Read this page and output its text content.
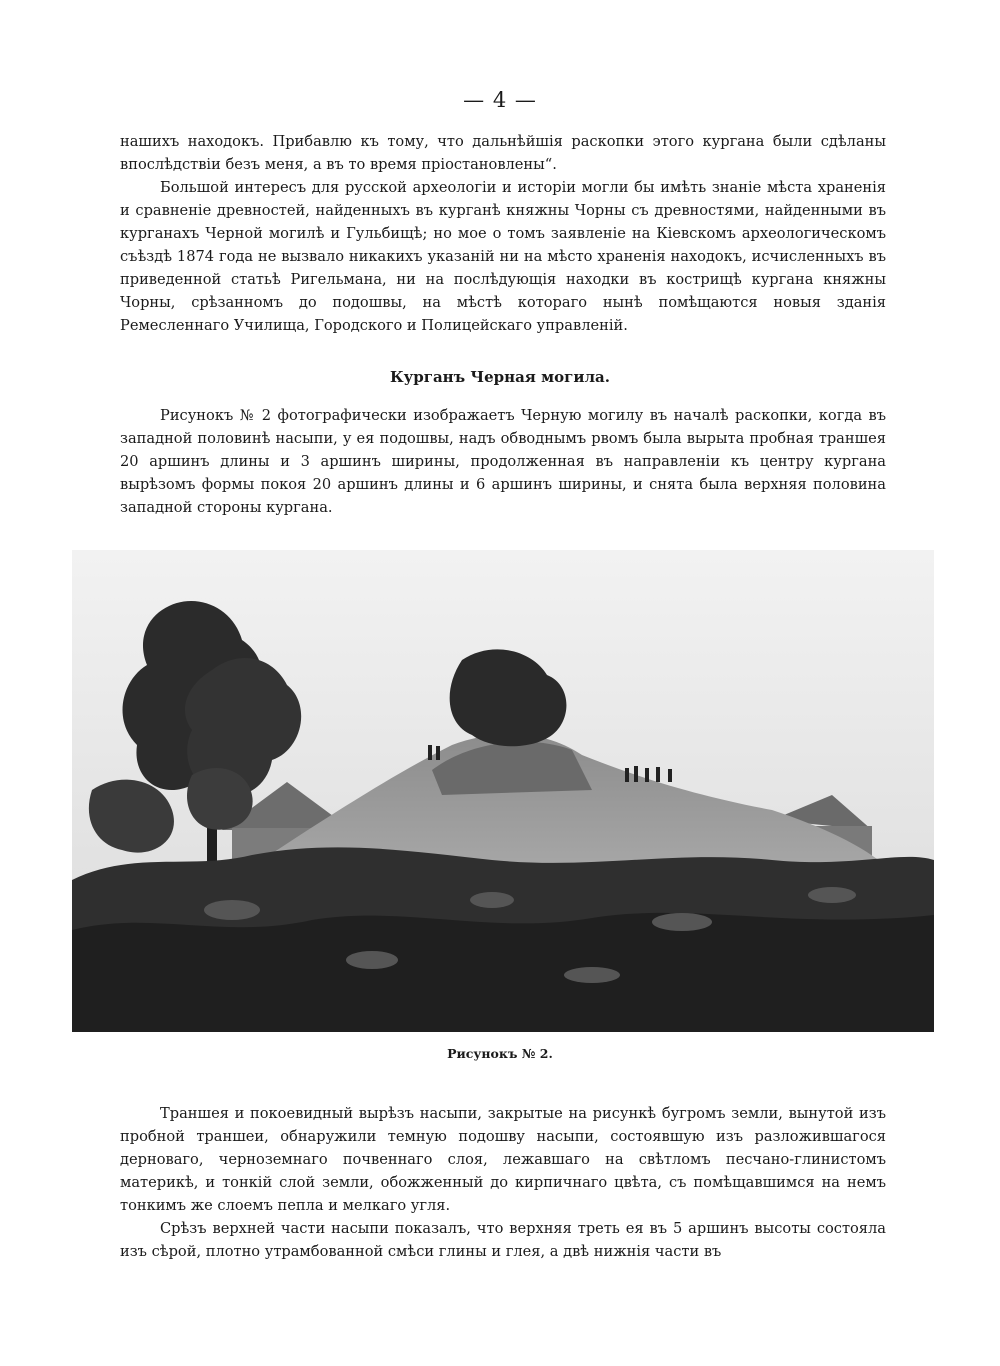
— 4 —

нашихъ находокъ. Прибавлю къ тому, что дальнѣйшія раскопки этого кургана были сдѣланы впослѣдствіи безъ меня, а въ то время пріостановлены“.

Большой интересъ для русской археологіи и исторіи могли бы имѣть знаніе мѣста храненія и сравненіе древностей, найденныхъ въ курганѣ княжны Чорны съ древностями, найденными въ курганахъ Черной могилѣ и Гульбищѣ; но мое о томъ заявленіе на Кіевскомъ археологическомъ съѣздѣ 1874 года не вызвало никакихъ указаній ни на мѣсто храненія находокъ, исчисленныхъ въ приведенной статьѣ Ригельмана, ни на послѣдующія находки въ кострищѣ кургана княжны Чорны, срѣзанномъ до подошвы, на мѣстѣ котораго нынѣ помѣщаются новыя зданія Ремесленнаго Училища, Городского и Полицейскаго управленій.

Курганъ Черная могила.

Рисунокъ № 2 фотографически изображаетъ Черную могилу въ началѣ раскопки, когда въ западной половинѣ насыпи, у ея подошвы, надъ обводнымъ рвомъ была вырыта пробная траншея 20 аршинъ длины и 3 аршинъ ширины, продолженная въ направленіи къ центру кургана вырѣзомъ формы покоя 20 аршинъ длины и 6 аршинъ ширины, и снята была верхняя половина западной стороны кургана.

Рисунокъ № 2.

Траншея и покоевидный вырѣзъ насыпи, закрытые на рисункѣ бугромъ земли, вынутой изъ пробной траншеи, обнаружили темную подошву насыпи, состоявшую изъ разложившагося дерноваго, черноземнаго почвеннаго слоя, лежавшаго на свѣтломъ песчано-глинистомъ материкѣ, и тонкій слой земли, обожженный до кирпичнаго цвѣта, съ помѣщавшимся на немъ тонкимъ же слоемъ пепла и мелкаго угля.

Срѣзъ верхней части насыпи показалъ, что верхняя треть ея въ 5 аршинъ высоты состояла изъ сѣрой, плотно утрамбованной смѣси глины и глея, а двѣ нижнія части въ
